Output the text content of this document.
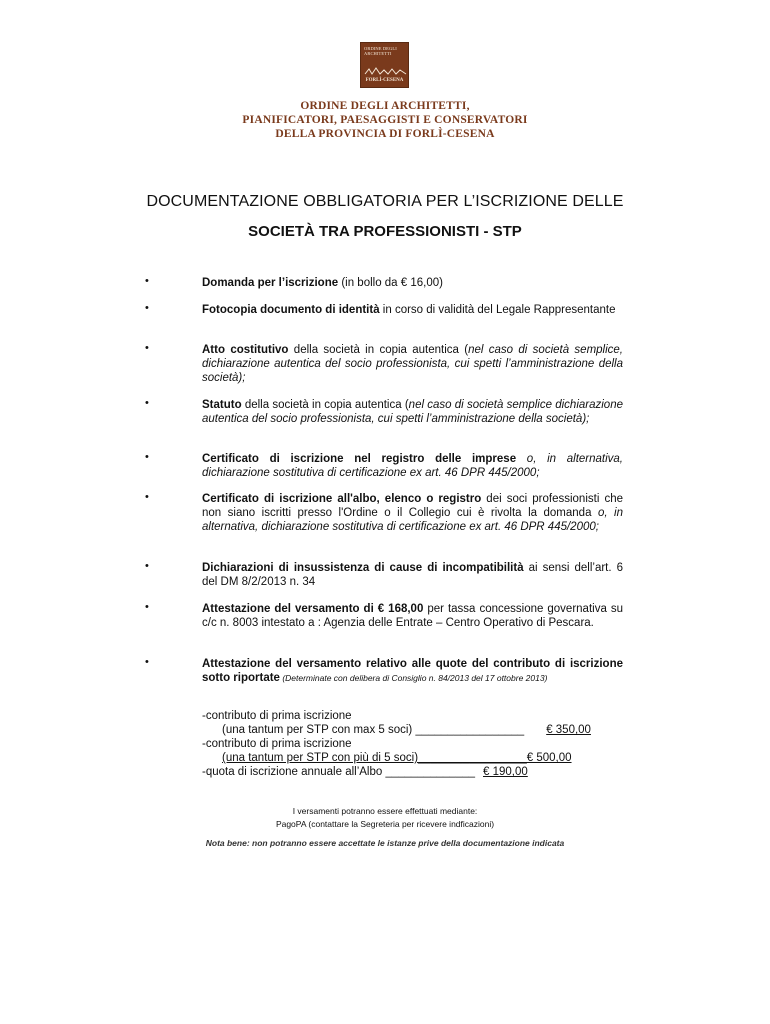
ORDINE DEGLI ARCHITETTI
FORLÌ-CESENA
ORDINE DEGLI ARCHITETTI,
PIANIFICATORI, PAESAGGISTI E CONSERVATORI
DELLA PROVINCIA DI FORLÌ-CESENA
DOCUMENTAZIONE OBBLIGATORIA PER L’ISCRIZIONE DELLE
SOCIETÀ TRA PROFESSIONISTI - STP
•
•
•
•
•
•
•
•
•
Domanda per l’iscrizione (in bollo da € 16,00)
Fotocopia documento di identità in corso di validità del Legale Rappresentante
Atto costitutivo della società in copia autentica (nel caso di società semplice, dichiarazione autentica del socio professionista, cui spetti l’amministrazione della società);
Statuto della società in copia autentica (nel caso di società semplice dichiarazione autentica del socio professionista, cui spetti l’amministrazione della società);
Certificato di iscrizione nel registro delle imprese o, in alternativa, dichiarazione sostitutiva di certificazione ex art. 46 DPR 445/2000;
Certificato di iscrizione all'albo, elenco o registro dei soci professionisti che non siano iscritti presso l'Ordine o il Collegio cui è rivolta la domanda o, in alternativa, dichiarazione sostitutiva di certificazione ex art. 46 DPR 445/2000;
Dichiarazioni di insussistenza di cause di incompatibilità ai sensi dell’art. 6 del DM 8/2/2013 n. 34
Attestazione del versamento di € 168,00 per tassa concessione governativa su c/c n. 8003 intestato a : Agenzia delle Entrate – Centro Operativo di Pescara.
Attestazione del versamento relativo alle quote del contributo di iscrizione sotto riportate (Determinate con delibera di Consiglio n. 84/2013 del 17 ottobre 2013)
-contributo di prima iscrizione
(una tantum per STP con max 5 soci) _________________ € 350,00
-contributo di prima iscrizione
(una tantum per STP con più di 5 soci)_________________€ 500,00
-quota di iscrizione annuale all’Albo ______________ € 190,00
I versamenti potranno essere effettuati mediante:
PagoPA (contattare la Segreteria per ricevere indficazioni)
Nota bene: non potranno essere accettate le istanze prive della documentazione indicata
